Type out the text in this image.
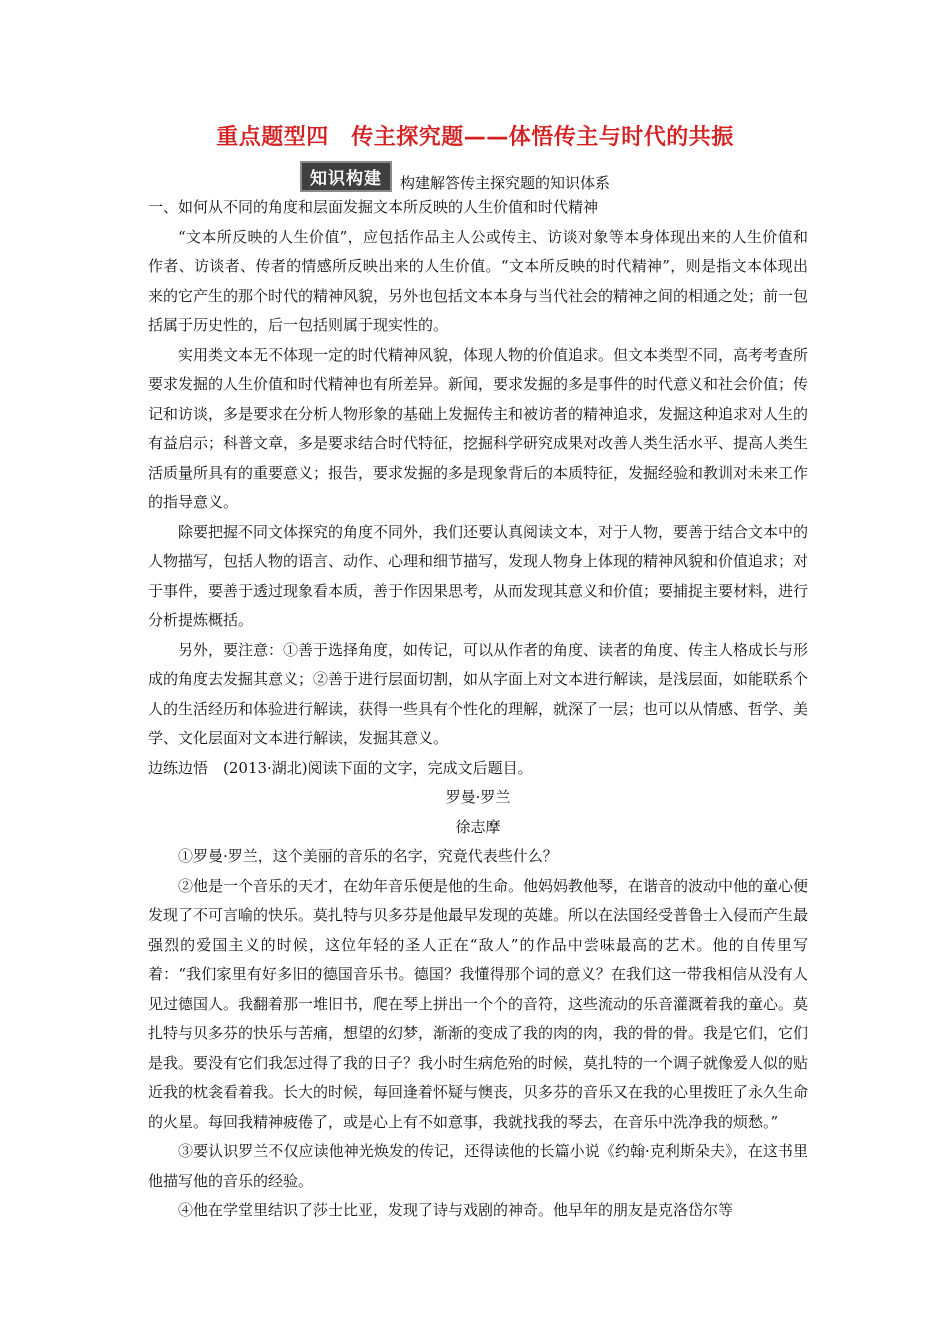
重点题型四　传主探究题——体悟传主与时代的共振
知识构建	构建解答传主探究题的知识体系

一、如何从不同的角度和层面发掘文本所反映的人生价值和时代精神

“文本所反映的人生价值”，应包括作品主人公或传主、访谈对象等本身体现出来的人生价值和作者、访谈者、传者的情感所反映出来的人生价值。“文本所反映的时代精神”，则是指文本体现出来的它产生的那个时代的精神风貌，另外也包括文本本身与当代社会的精神之间的相通之处；前一包括属于历史性的，后一包括则属于现实性的。

实用类文本无不体现一定的时代精神风貌，体现人物的价值追求。但文本类型不同，高考考查所要求发掘的人生价值和时代精神也有所差异。新闻，要求发掘的多是事件的时代意义和社会价值；传记和访谈，多是要求在分析人物形象的基础上发掘传主和被访者的精神追求，发掘这种追求对人生的有益启示；科普文章，多是要求结合时代特征，挖掘科学研究成果对改善人类生活水平、提高人类生活质量所具有的重要意义；报告，要求发掘的多是现象背后的本质特征，发掘经验和教训对未来工作的指导意义。

除要把握不同文体探究的角度不同外，我们还要认真阅读文本，对于人物，要善于结合文本中的人物描写，包括人物的语言、动作、心理和细节描写，发现人物身上体现的精神风貌和价值追求；对于事件，要善于透过现象看本质，善于作因果思考，从而发现其意义和价值；要捕捉主要材料，进行分析提炼概括。

另外，要注意：①善于选择角度，如传记，可以从作者的角度、读者的角度、传主人格成长与形成的角度去发掘其意义；②善于进行层面切割，如从字面上对文本进行解读，是浅层面，如能联系个人的生活经历和体验进行解读，获得一些具有个性化的理解，就深了一层；也可以从情感、哲学、美学、文化层面对文本进行解读，发掘其意义。

边练边悟　(2013·湖北)阅读下面的文字，完成文后题目。

罗曼·罗兰

徐志摩

①罗曼·罗兰，这个美丽的音乐的名字，究竟代表些什么？

②他是一个音乐的天才，在幼年音乐便是他的生命。他妈妈教他琴，在谐音的波动中他的童心便发现了不可言喻的快乐。莫扎特与贝多芬是他最早发现的英雄。所以在法国经受普鲁士入侵而产生最强烈的爱国主义的时候，这位年轻的圣人正在“敌人”的作品中尝味最高的艺术。他的自传里写着：“我们家里有好多旧的德国音乐书。德国？我懂得那个词的意义？在我们这一带我相信从没有人见过德国人。我翻着那一堆旧书，爬在琴上拼出一个个的音符，这些流动的乐音灌溉着我的童心。莫扎特与贝多芬的快乐与苦痛，想望的幻梦，渐渐的变成了我的肉的肉，我的骨的骨。我是它们，它们是我。要没有它们我怎过得了我的日子？我小时生病危殆的时候，莫扎特的一个调子就像爱人似的贴近我的枕衾看着我。长大的时候，每回逢着怀疑与懊丧，贝多芬的音乐又在我的心里拨旺了永久生命的火星。每回我精神疲倦了，或是心上有不如意事，我就找我的琴去，在音乐中洗净我的烦愁。”

③要认识罗兰不仅应读他神光焕发的传记，还得读他的长篇小说《约翰·克利斯朵夫》，在这书里他描写他的音乐的经验。

④他在学堂里结识了莎士比亚，发现了诗与戏剧的神奇。他早年的朋友是克洛岱尔等
